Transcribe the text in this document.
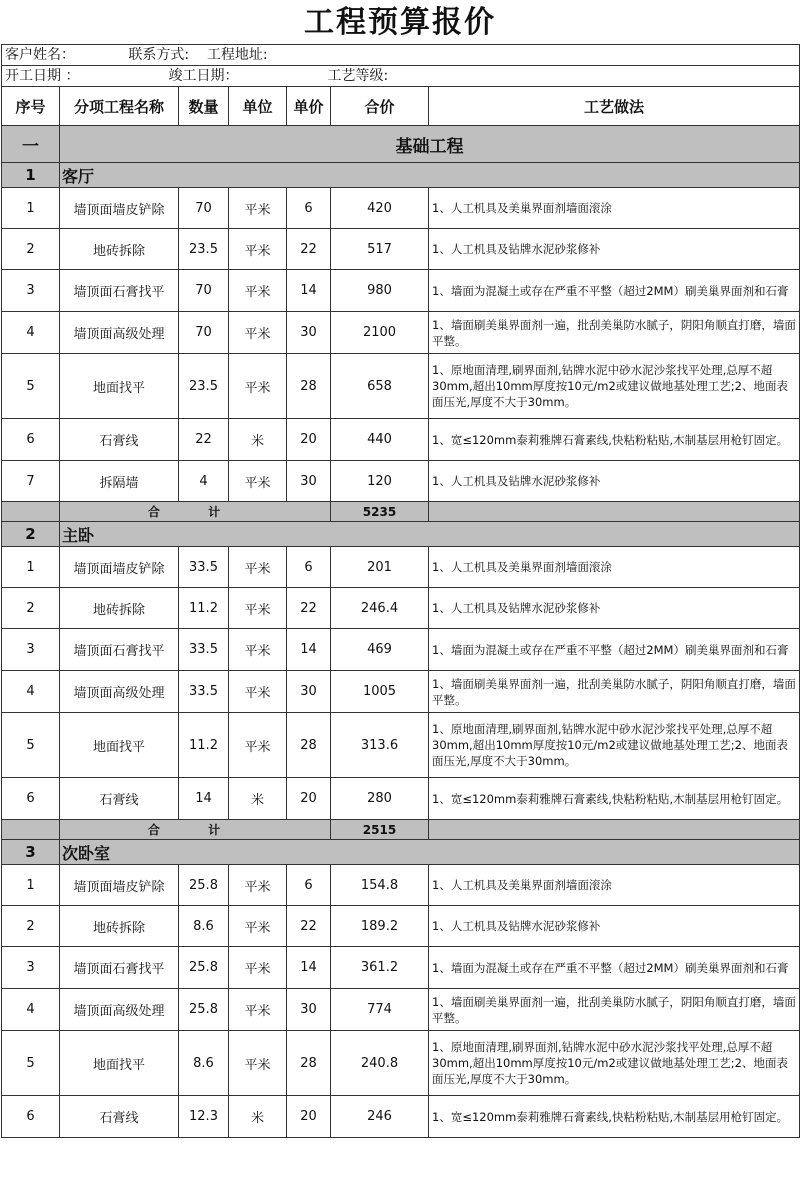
工程预算报价
客户姓名： 联系方式: 工程地址:						
开工日期 ： 竣工日期： 工艺等级:						
序号	分项工程名称	数量	单位	单价	合价	工艺做法
一	基础工程					
1	客厅					
1	墙顶面墙皮铲除	70	平米	6	420	1、人工机具及美巢界面剂墙面滚涂
2	地砖拆除	23.5	平米	22	517	1、人工机具及钻牌水泥砂浆修补
3	墙顶面石膏找平	70	平米	14	980	1、墙面为混凝土或存在严重不平整（超过2MM）刷美巢界面剂和石膏
4	墙顶面高级处理	70	平米	30	2100	1、墙面刷美巢界面剂一遍，批刮美巢防水腻子，阴阳角顺直打磨，墙面平整。
5	地面找平	23.5	平米	28	658	1、原地面清理,刷界面剂,钻牌水泥中砂水泥沙浆找平处理,总厚不超30mm,超出10mm厚度按10元/m2或建议做地基处理工艺;2、地面表面压光,厚度不大于30mm。
6	石膏线	22	米	20	440	1、宽≤120mm泰莉雅牌石膏素线,快粘粉粘贴,木制基层用枪钉固定。
7	拆隔墙	4	平米	30	120	1、人工机具及钻牌水泥砂浆修补
	合 计				5235	
2	主卧					
1	墙顶面墙皮铲除	33.5	平米	6	201	1、人工机具及美巢界面剂墙面滚涂
2	地砖拆除	11.2	平米	22	246.4	1、人工机具及钻牌水泥砂浆修补
3	墙顶面石膏找平	33.5	平米	14	469	1、墙面为混凝土或存在严重不平整（超过2MM）刷美巢界面剂和石膏
4	墙顶面高级处理	33.5	平米	30	1005	1、墙面刷美巢界面剂一遍，批刮美巢防水腻子，阴阳角顺直打磨，墙面平整。
5	地面找平	11.2	平米	28	313.6	1、原地面清理,刷界面剂,钻牌水泥中砂水泥沙浆找平处理,总厚不超30mm,超出10mm厚度按10元/m2或建议做地基处理工艺;2、地面表面压光,厚度不大于30mm。
6	石膏线	14	米	20	280	1、宽≤120mm泰莉雅牌石膏素线,快粘粉粘贴,木制基层用枪钉固定。
	合 计				2515	
3	次卧室					
1	墙顶面墙皮铲除	25.8	平米	6	154.8	1、人工机具及美巢界面剂墙面滚涂
2	地砖拆除	8.6	平米	22	189.2	1、人工机具及钻牌水泥砂浆修补
3	墙顶面石膏找平	25.8	平米	14	361.2	1、墙面为混凝土或存在严重不平整（超过2MM）刷美巢界面剂和石膏
4	墙顶面高级处理	25.8	平米	30	774	1、墙面刷美巢界面剂一遍，批刮美巢防水腻子，阴阳角顺直打磨，墙面平整。
5	地面找平	8.6	平米	28	240.8	1、原地面清理,刷界面剂,钻牌水泥中砂水泥沙浆找平处理,总厚不超30mm,超出10mm厚度按10元/m2或建议做地基处理工艺;2、地面表面压光,厚度不大于30mm。
6	石膏线	12.3	米	20	246	1、宽≤120mm泰莉雅牌石膏素线,快粘粉粘贴,木制基层用枪钉固定。
